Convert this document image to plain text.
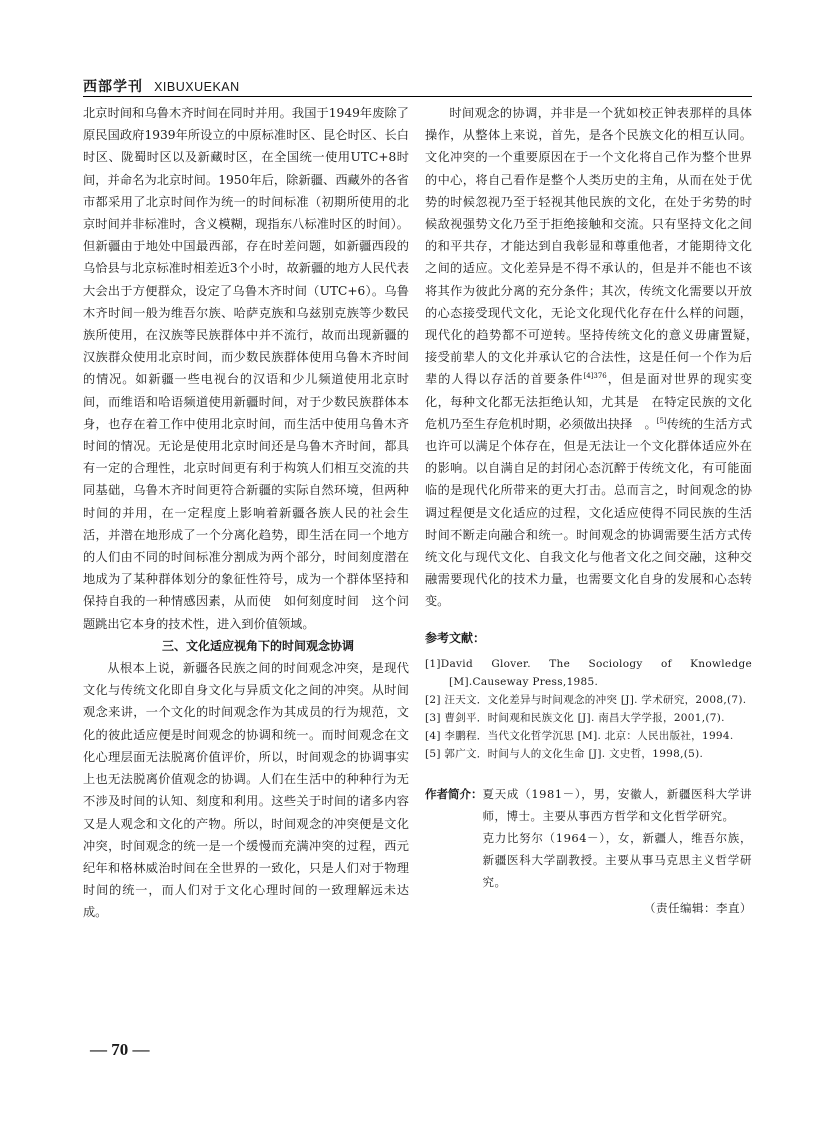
西部学刊 XIBUXUEKAN

北京时间和乌鲁木齐时间在同时并用。我国于1949年废除了原民国政府1939年所设立的中原标准时区、昆仑时区、长白时区、陇蜀时区以及新藏时区，在全国统一使用UTC+8时间，并命名为北京时间。1950年后，除新疆、西藏外的各省市都采用了北京时间作为统一的时间标准（初期所使用的北京时间并非标准时，含义模糊，现指东八标准时区的时间）。但新疆由于地处中国最西部，存在时差问题，如新疆西段的乌恰县与北京标准时相差近3个小时，故新疆的地方人民代表大会出于方便群众，设定了乌鲁木齐时间（UTC+6）。乌鲁木齐时间一般为维吾尔族、哈萨克族和乌兹别克族等少数民族所使用，在汉族等民族群体中并不流行，故而出现新疆的汉族群众使用北京时间，而少数民族群体使用乌鲁木齐时间的情况。如新疆一些电视台的汉语和少儿频道使用北京时间，而维语和哈语频道使用新疆时间，对于少数民族群体本身，也存在着工作中使用北京时间，而生活中使用乌鲁木齐时间的情况。无论是使用北京时间还是乌鲁木齐时间，都具有一定的合理性，北京时间更有利于构筑人们相互交流的共同基础，乌鲁木齐时间更符合新疆的实际自然环境，但两种时间的并用，在一定程度上影响着新疆各族人民的社会生活，并潜在地形成了一个分离化趋势，即生活在同一个地方的人们由不同的时间标准分割成为两个部分，时间刻度潜在地成为了某种群体划分的象征性符号，成为一个群体坚持和保持自我的一种情感因素，从而使　如何刻度时间　这个问题跳出它本身的技术性，进入到价值领域。

三、文化适应视角下的时间观念协调

从根本上说，新疆各民族之间的时间观念冲突，是现代文化与传统文化即自身文化与异质文化之间的冲突。从时间观念来讲，一个文化的时间观念作为其成员的行为规范，文化的彼此适应便是时间观念的协调和统一。而时间观念在文化心理层面无法脱离价值评价，所以，时间观念的协调事实上也无法脱离价值观念的协调。人们在生活中的种种行为无不涉及时间的认知、刻度和利用。这些关于时间的诸多内容又是人观念和文化的产物。所以，时间观念的冲突便是文化冲突，时间观念的统一是一个缓慢而充满冲突的过程，西元纪年和格林威治时间在全世界的一致化，只是人们对于物理时间的统一，而人们对于文化心理时间的一致理解远未达成。

时间观念的协调，并非是一个犹如校正钟表那样的具体操作，从整体上来说，首先，是各个民族文化的相互认同。文化冲突的一个重要原因在于一个文化将自己作为整个世界的中心，将自己看作是整个人类历史的主角，从而在处于优势的时候忽视乃至于轻视其他民族的文化，在处于劣势的时候敌视强势文化乃至于拒绝接触和交流。只有坚持文化之间的和平共存，才能达到自我彰显和尊重他者，才能期待文化之间的适应。文化差异是不得不承认的，但是并不能也不该将其作为彼此分离的充分条件；其次，传统文化需要以开放的心态接受现代文化，无论文化现代化存在什么样的问题，现代化的趋势都不可逆转。坚持传统文化的意义毋庸置疑，　接受前辈人的文化并承认它的合法性，这是任何一个作为后辈的人得以存活的首要条件$^{[4]376}$，但是面对世界的现实变化，每种文化都无法拒绝认知，尤其是　在特定民族的文化危机乃至生存危机时期，必须做出抉择　。[5]传统的生活方式也许可以满足个体存在，但是无法让一个文化群体适应外在的影响。以自满自足的封闭心态沉醉于传统文化，有可能面临的是现代化所带来的更大打击。总而言之，时间观念的协调过程便是文化适应的过程，文化适应使得不同民族的生活时间不断走向融合和统一。时间观念的协调需要生活方式传统文化与现代文化、自我文化与他者文化之间交融，这种交融需要现代化的技术力量，也需要文化自身的发展和心态转变。

参考文献：
[1]David Glover. The Sociology of Knowledge [M].Causeway Press,1985.
[2] 汪天文．文化差异与时间观念的冲突 [J]. 学术研究，2008,(7).
[3] 曹剑平．时间观和民族文化 [J]. 南昌大学学报，2001,(7).
[4] 李鹏程．当代文化哲学沉思 [M]. 北京：人民出版社，1994.
[5] 郭广文．时间与人的文化生命 [J]. 文史哲，1998,(5).
作者简介： 夏天成（1981－），男，安徽人，新疆医科大学讲师，博士。主要从事西方哲学和文化哲学研究。
克力比努尔（1964－），女，新疆人，维吾尔族，新疆医科大学副教授。主要从事马克思主义哲学研究。
（责任编辑：李直）
— 70 —
